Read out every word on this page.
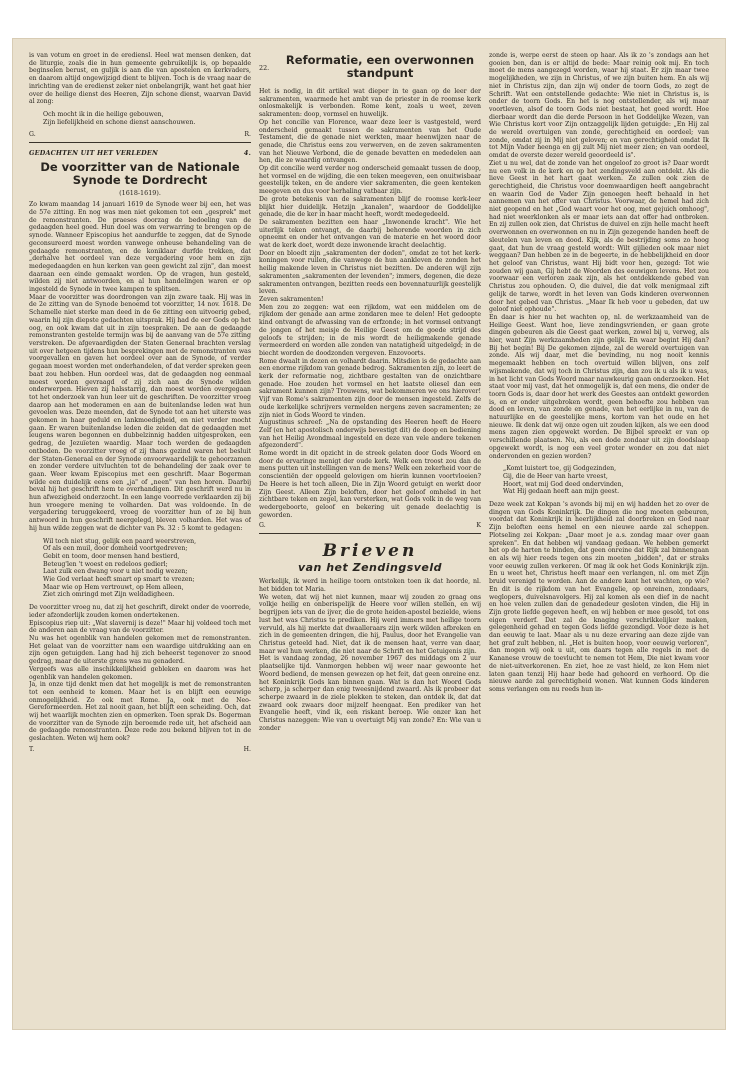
is van votum en groet in de erediensl. Heel wat mensen denken, dat de liturgie, zoals die in hun gemeente gebruikelijk is, op bepaalde beginselen berust, en guljik is aan die van apostelen en kerkvaders, en daarom altijd ongewijzigd dient te blijven. Toch is de vraag naar de inrichting van de eredienst zeker niet onbelangrijk, want het gaat hier over de heilige dienst des Heeren, Zijn schone dienst, waarvan David al zong:

Och mocht ik in die heilige gebouwen,
Zijn liefelijkheid en schone dienst aanschouwen.
G.	R.
GEDACHTEN UIT HET VERLEDEN	4.
De voorzitter van de Nationale
Synode te Dordrecht
(1618-1619).

Zo kwam maandag 14 januari 1619 de Synode weer bij een, het was de 57e zitting. En nog was men niet gekomen tot een „gesprek" met de remonstranten. De praeses doorzag de bedoeling van de gedaagden heel goed. Hun doel was om verwarring te brengen op de synode. Wanneer Episcopius het aandurfde te zeggen, dat de Synode geconsureerd moest worden vanwege onheuse behandeling van de gedaagde remonstranten, en de koniklaar durfde trekken, dat „derhalve het oordeel van deze vergadering voor hem en zijn medegedaagden en hun kerken van geen gewicht zal zijn", dan moest daaraan een einde gemaakt worden. Op de vragen, hun gesteld, wilden zij niet antwoorden, en al hun handelingen waren er op ingesteld de Synode in twee kampen te splitsen.

Maar de voorzitter was doordrongen van zijn zware taak. Hij was in de 2e zitting van de Synode benoemd tot voorzitter, 14 nov. 1618. De Schamelle niet sterke man deed in de 6e zitting een uitvoerig gebed, waarin hij zijn diepste gedachten uitsprak. Hij had de eer Gods op het oog, en ook kwam dat uit in zijn toespraken. De aan de gedaagde remonstranten gestelde termijn was bij de aanvang van de 57e zitting verstreken. De afgevaardigden der Staten Generaal brachten verslag uit over hetgeen tijdens hun besprekingen met de remonstranten was voorgevallen en gaven het oordeel over aan de Synode, of verder gegaan moest worden met onderhandelen, of dat verder spreken geen baat zou hebben. Hun oordeel was, dat de gedaagden nog eenmaal moest worden gevraagd of zij zich aan de Synode wilden onderwerpen. Hieven zij halsstarrig, dan moest worden overgegaan tot het onderzoek van hun leer uit de geschriften. De voorzitter vroeg daarop aan het moderamen en aan de buitenlandse leden wat hun gevoelen was. Deze meenden, dat de Synode tot aan het uiterste was gekomen in haar geduld en lankmoedigheid, en niet verder mocht gaan. Er waren buitenlandse leden die zeiden dat de gedaagden met leugens waren begonnen en dubbelzinnig hadden uitgesproken, een gedrag, de Jezuïeten waardig. Maar toch werden de gedaagden ontboden. De voorzitter vroeg of zij thans gezind waren het besluit der Staten-Generaal en der Synode onvoorwaardelijk te gehoorzamen en zonder verdere uitvluchten tot de behandeling der zaak over te gaan. Weer kwam Episcopius met een geschrift. Maar Bogerman wilde een duidelijk eens een „ja" of „neen" van hen horen. Daarbij beval hij het geschrift hem te overhandigen. Dit geschrift werd nu in hun afwezigheid onderzocht. In een lange voorrede verklaarden zij bij hun vroegere mening te volharden. Dat was voldoende. In de vergadering teruggekeerd, vroeg de voorzitter hun of ze bij hun antwoord in hun geschrift neergelegd, bleven volharden. Het was of hij hun wilde zeggen wat de dichter van Ps. 32 : 5 komt te gedagen:

Wil toch niet stug, gelijk een paard weerstreven,
Of als een muil, door domheid voortgedreven;
Gebit en toom, door mensen hand bestierd,
Beteug'len 't woest en redeloos gedierl;
Laat zulk een dwang voor u niet nodig wezen;
Wie God verlaat heeft smart op smart te vrezen;
Maar wie op Hem vertrouwt, op Hem alleen,
Ziet zich omringd met Zijn weldadigheen.

De voorzitter vroeg nu, dat zij het geschrift, direkt onder de voorrede, ieder afzonderlijk zouden komen ondertekenen.

Episcopius riep uit: „Wat slavernij is deze!" Maar hij voldeed toch met de anderen aan de vraag van de voorzitter.

Nu was het ogenblik van handelen gekomen met de remonstranten. Het gelaat van de voorzitter nam een waardige uitdrukking aan en zijn ogen getuigden. Lang had hij zich beheerst tegenover zo snood gedrag, maar de uiterste grens was nu genaderd.

Vergeefs was alle inschikkelijkheid gebleken en daarom was het ogenblik van handelen gekomen.

Ja, in onze tijd denkt men dat het mogelijk is met de remonstranten tot een eenheid te komen. Maar het is en blijft een eeuwige onmogelijkheid. Zo ook met Rome. Ja, ook met de Neo-Gereformeerden. Het zal nooit gaan, het blijft een scheiding. Och, dat wij het waarlijk mochten zien en opmerken. Toen sprak Ds. Bogerman de voorzitter van de Synode zijn beroemde rede uit, het afscheid aan de gedaagde remonstranten. Deze rede zou bekend blijven tot in de geslachten. Weten wij hem ook?

T.	H.
22.
Reformatie, een overwonnen
standpunt

Het is nodig, in dit artikel wat dieper in te gaan op de leer der sakramenten, waarmede het ambt van de priester in de roomse kerk onlosmakelijk is verbonden. Rome kent, zoals u weet, zeven sakramenten: doop, vormsel en huwelijk.

Op het concilie van Florence, waar deze leer is vastgesteld, werd onderscheid gemaakt tussen de sakramenten van het Oude Testament, die de genade niet werkten, maar heenwijzen naar de genade, die Christus eens zou verwerven, en de zeven sakramenten van het Nieuwe Verbond, die de genade bevatten en mededelen aan hen, die ze waardig ontvangen.

Op dit concilie werd verder nog onderscheid gemaakt tussen de doop, het vormsel en de wijding, die een teken meegeven, een onuitwisbaar geestelijk teken, en de andere vier sakramenten, die geen kenteken meegeven en dus voor herhaling vatbaar zijn.

De grote betekenis van de sakramenten blijf de roomse kerk-leer blijkt hier duidelijk. Hetzijn „kanalen", waardoor de Goddelijke genade, die de ker in haar macht heeft, wordt medegedeeld.

De sakramenten bezitten een haar „Inwonende kracht". Wie het uiterlijk teken ontvangt, de daarbij behorende woorden in zich opneemt en onder het ontvangen van de materie en het woord door wat de kerk doet, wordt deze inwonende kracht deelachtig.

Door en bloedt zijn „sakramenten der doden", omdat ze tot het kerk-koningen voor ruilen, die vanwege de hun aankleven de zonden het heilig makende leven in Christus niet bezitten. De anderen wijl zijn sakramenten „sakramenten der levenden"; immers, degenen, die deze sakramenten ontvangen, bezitten reeds een bovennatuurlijk geestelijk leven.

Zeven sakramenten!

Men zou zo zeggen: wat een rijkdom, wat een middelen om de rijkdom der genade aan arme zondaren mee te delen! Het gedoopte kind ontvangt de afwassing van de erfzonde; in het vormsel ontvangt de jongen of het meisje de Heilige Geest om de goede strijd des geloofs te strijden; in de mis wordt de heiligmakende genade vermeerderd en worden alle zonden van natatigheid uitgedelgd; in de biecht worden de doodzonden vergeven. Enzovoorts.

Rome dwaalt in dezen en volhardt daarin. Mitsdien is de gedachte aan een enorme rijkdom van genade bedrog. Sakramenten zijn, zo leert de kerk der reformatie nog, zichtbare gestalten van de onzichtbare genade. Hoe zouden het vormsel en het laatste oliesel dan een sakrament kunnen zijn? Trouwens, wat bekommeren we ons hierover! Vijf van Rome's sakramenten zijn door de mensen ingesteld. Zelfs de oude kerkelijke schrijvers vermelden nergens zeven sacramenten; ze zijn niet in Gods Woord te vinden.

Augustinus schreef: „Na de opstanding des Heeren heeft de Heere Zelf (en het apostolisch onderwijs bevestigt dit) de doop en bediening van het Heilig Avondmaal ingesteld en deze van vele andere tekenen afgezonderd".

Rome wordt in dit opzicht in de streek gelaten door Gods Woord en door de ervaringe menigt der oude kerk. Welk een troost zou dan de mens putten uit instellingen van de mens? Welk een zekerheid voor de conscientiën der opgeeld gelovigen om hierin kunnen voortvloeien? De Heere is het toch alleen, Die in Zijn Woord getuigt en werkt door Zijn Geest. Alleen Zijn beloften, door het geloof omhelsd in het zichtbare teken en zegel, kan versterken, wat Gods volk in de weg van wedergeboorte, geloof en bekering uit genade deelachtig is geworden.

G.	K
Brieven
van het Zendingsveld

Werkelijk, ik werd in heilige toorn ontstoken toen ik dat hoorde, nl. het bidden tot Maria.

We weten, dat wij het niet kunnen, maar wij zouden zo graag ons volkje heilig en onberispelijk de Heere voor willen stellen, en wij begrijpen iets van de ijver, die de grote heiden-apostel bezielde, wiens lust het was Christus te prediken. Hij werd immers met heilige toorn vervuld, als hij merkte dat dwaalleraars zijn werk wilden afbreken en zich in de gemeenten dringen, die hij, Paulus, door het Evangelie van Christus geteeld had. Niet, dat ik de mensen haat, verre van daar, maar wel hun werken, die niet naar de Schrift en het Getuigenis zijn.

Het is vandaag zondag, 26 november 1967 des middags om 2 uur plaatselijke tijd. Vanmorgen hebben wij weer naar gewoonte het Woord bediend, de mensen gewezen op het feit, dat geen onreine enz. het Koninkrijk Gods kan binnen gaan. Wat is dan het Woord Gods scherp, ja scherper dan enig tweesnijdend zwaard. Als ik probeer dat scherpe zwaard in de ziele plekken te steken, dan ontdek ik, dat dat zwaard ook zwaars door mijzelf heengaat. Een prediker van het Evangelie heeft, vind ik, een riskant beroep. Wie onzer kan het Christus nazeggen: Wie van u overtuigt Mij van zonde? En: Wie van u zonder

zonde is, werpe eerst de steen op haar. Als ik zo 's zondags aan het gooien ben, dan is er altijd de bede: Maar reinig ook mij. En toch moet de mens aangezegd worden, waar hij staat. Er zijn maar twee mogelijkheden, we zijn in Christus, of we zijn buiten hem. En als wij niet in Christus zijn, dan zijn wij onder de toorn Gods, zo zegt de Schrift. Wat een ontstellende gedachte: Wie niet in Christus is, is onder de toorn Gods. En het is nog ontstellender, als wij maar voortleven, alsof de toorn Gods niet bestaat, het goed wordt. Hoe dierbaar wordt dan die derde Persoon in het Goddelijke Wezen, van Wie Christus kort voor Zijn ontzaggelijk lijden getuigde: „En Hij zal de wereld overtuigen van zonde, gerechtigheid en oordeel; van zonde, omdat zij in Mij niet geloven; en van gerechtigheid omdat Ik tot Mijn Vader heenga en gij zult Mij niet meer zien; en van oordeel, omdat de overste dezer wereld geoordeeld is".

Ziet u nu wel, dat de zonde van het ongeloof zo groot is? Daar wordt nu een volk in de kerk en op het zendingsveld aan ontdekt. Als die lieve Geest in het hart gaat werken. Ze zullen ook zien de gerechtigheid, die Christus voor doemwaardigen heeft aangebracht en waarin God de Vader Zijn genoegen heeft behaald in het aannemen van het offer van Christus. Voorwaar, de hemel had zich niet geopend en het „God waart voor het oog, met gejuich omhoog", had niet weerklonken als er maar iets aan dat offer had ontbroken. En zij zullen ook zien, dat Christus de duivel en zijn helle macht heeft overwonnen en overwonnen en nu in Zijn gezegende handen heeft de sleutelen van leven en dood. Kijk, als de bestrijding soms zo hoog gaat, dat hun de vraag gesteld wordt: Wilt gijlieden ook maar niet weggaan? Dan hebben ze in de begeerte, in de hebbelijkheid en door het geloof van Christus, want Hij bidt voor hen, gezegd: Tot wie zouden wij gaan, Gij hebt de Woorden des eeuwigen levens. Het zou voorwaar een verloren zaak zijn, als het ontdekkende gebed van Christus zou ophouden. O, die duivel, die dat volk menigmaal zift gelijk de tarwe, wordt in het leven van Gods kinderen overwonnen door het gebed van Christus. „Maar Ik heb voor u gebeden, dat uw geloof niet ophoude".

En daar is hier nu het wachten op, nl. de werkzaamheid van de Heilige Geest. Want hoe, lieve zendingsvrienden, er gaan grote dingen gebeuren als die Geest gaat werken, zowel bij u, verweg, als hier, want Zijn werkzaamheden zijn gelijk. En waar begint Hij dan? Bij het begin! Bij De gekomen zijnde, zal de wereld overtuigen van zonde. Als wij daar, met die bevinding, nu nog nooit kennis megemaakt hebben en toch overtuid willen blijven, ons zelf wijsmakende, dat wij toch in Christus zijn, dan zou ik u als ik u was, in het licht van Gods Woord maar nauwkeurig gaan onderzoeken. Het staat voor mij vast, dat het onmogelijk is, dat een mens, die onder de toorn Gods is, daar door het werk des Geestes aan ontdekt geworden is, en er onder uitgebroken wordt, geen behoefte zou hebben van dood en leven, van zonde en genade, van het eerlijke in nu, van de natuurlijke en de geestelijke mens, kortom van het oude en het nieuwe. Ik denk dat wij onze ogen uit zouden kijken, als we een dood mens zagen zien opgewekt worden. De Bijbel spreekt er van op verschillende plaatsen. Nu, als een dode zondaar uit zijn doodslaap opgewekt wordt, is nog een veel groter wonder en zou dat niet ondervonden en gezien worden?

„Komt luistert toe, gij Godgezinden,
Gij, die de Heer van harte vreest,
Hoort, wat mij God deed ondervinden,
Wat Hij gedaan heeft aan mijn geest.

Deze week zat Kokpan 's avonds bij mij en wij hadden het zo over de dingen van Gods Koninkrijk. De dingen die nog moeten gebeuren, voordat dat Koninkrijk in heerlijkheid zal doorbreken en God naar Zijn beloften eens hemel en een nieuwe aarde zal scheppen. Plotseling zei Kokpan: „Daar moet je a.s. zondag maar over gaan spreken". En dat hebben wij vandaag gedaan. We hebben gemerkt het op de harten te binden, dat geen onreine dat Rijk zal binnengaan en als wij hier reeds tegen ons zin moeten „bidden", dat er straks voor eeuwig zullen verkeren. Of mag ik ook het Gods Koninkrijk zijn. En u weet het, Christus heeft maar een verlangen, nl. om met Zijn bruid verenigd te worden. Aan de andere kant het wachten, op wie? En dit is de rijkdom van het Evangelie, op onreinen, zondaars, weglopers, duivelsnavolgers. Hij zal komen als een dief in de nacht en hoe velen zullen dan de genadedeur gesloten vinden, die Hij in Zijn grote liefde gegeven heeft, en wij hebben er mee gesold, tot ons eigen verderf. Dat zal de knaging verschrikkelijker maken, gelegenheid gehad en tegen Gods liefde gezondigd. Voor deze is het dan eeuwig te laat. Maar als u nu deze ervaring aan deze zijde van het graf zult hebben, nl. „Het is buiten hoop, voor eeuwig verloren", dan mogen wij ook u uit, om daars tegen alle regels in met de Kananese vrouw de toevlucht te nemen tot Hem, Die niet kwam voor de niet-uitverkorenen. En ziet, hoe ze vast hield, ze kon Hem niet laten gaan tenzij Hij haar bede had gehoord en verhoord. Op die nieuwe aarde zal gerechtigheid wonen. Wat kunnen Gods kinderen soms verlangen om nu reeds hun in-
